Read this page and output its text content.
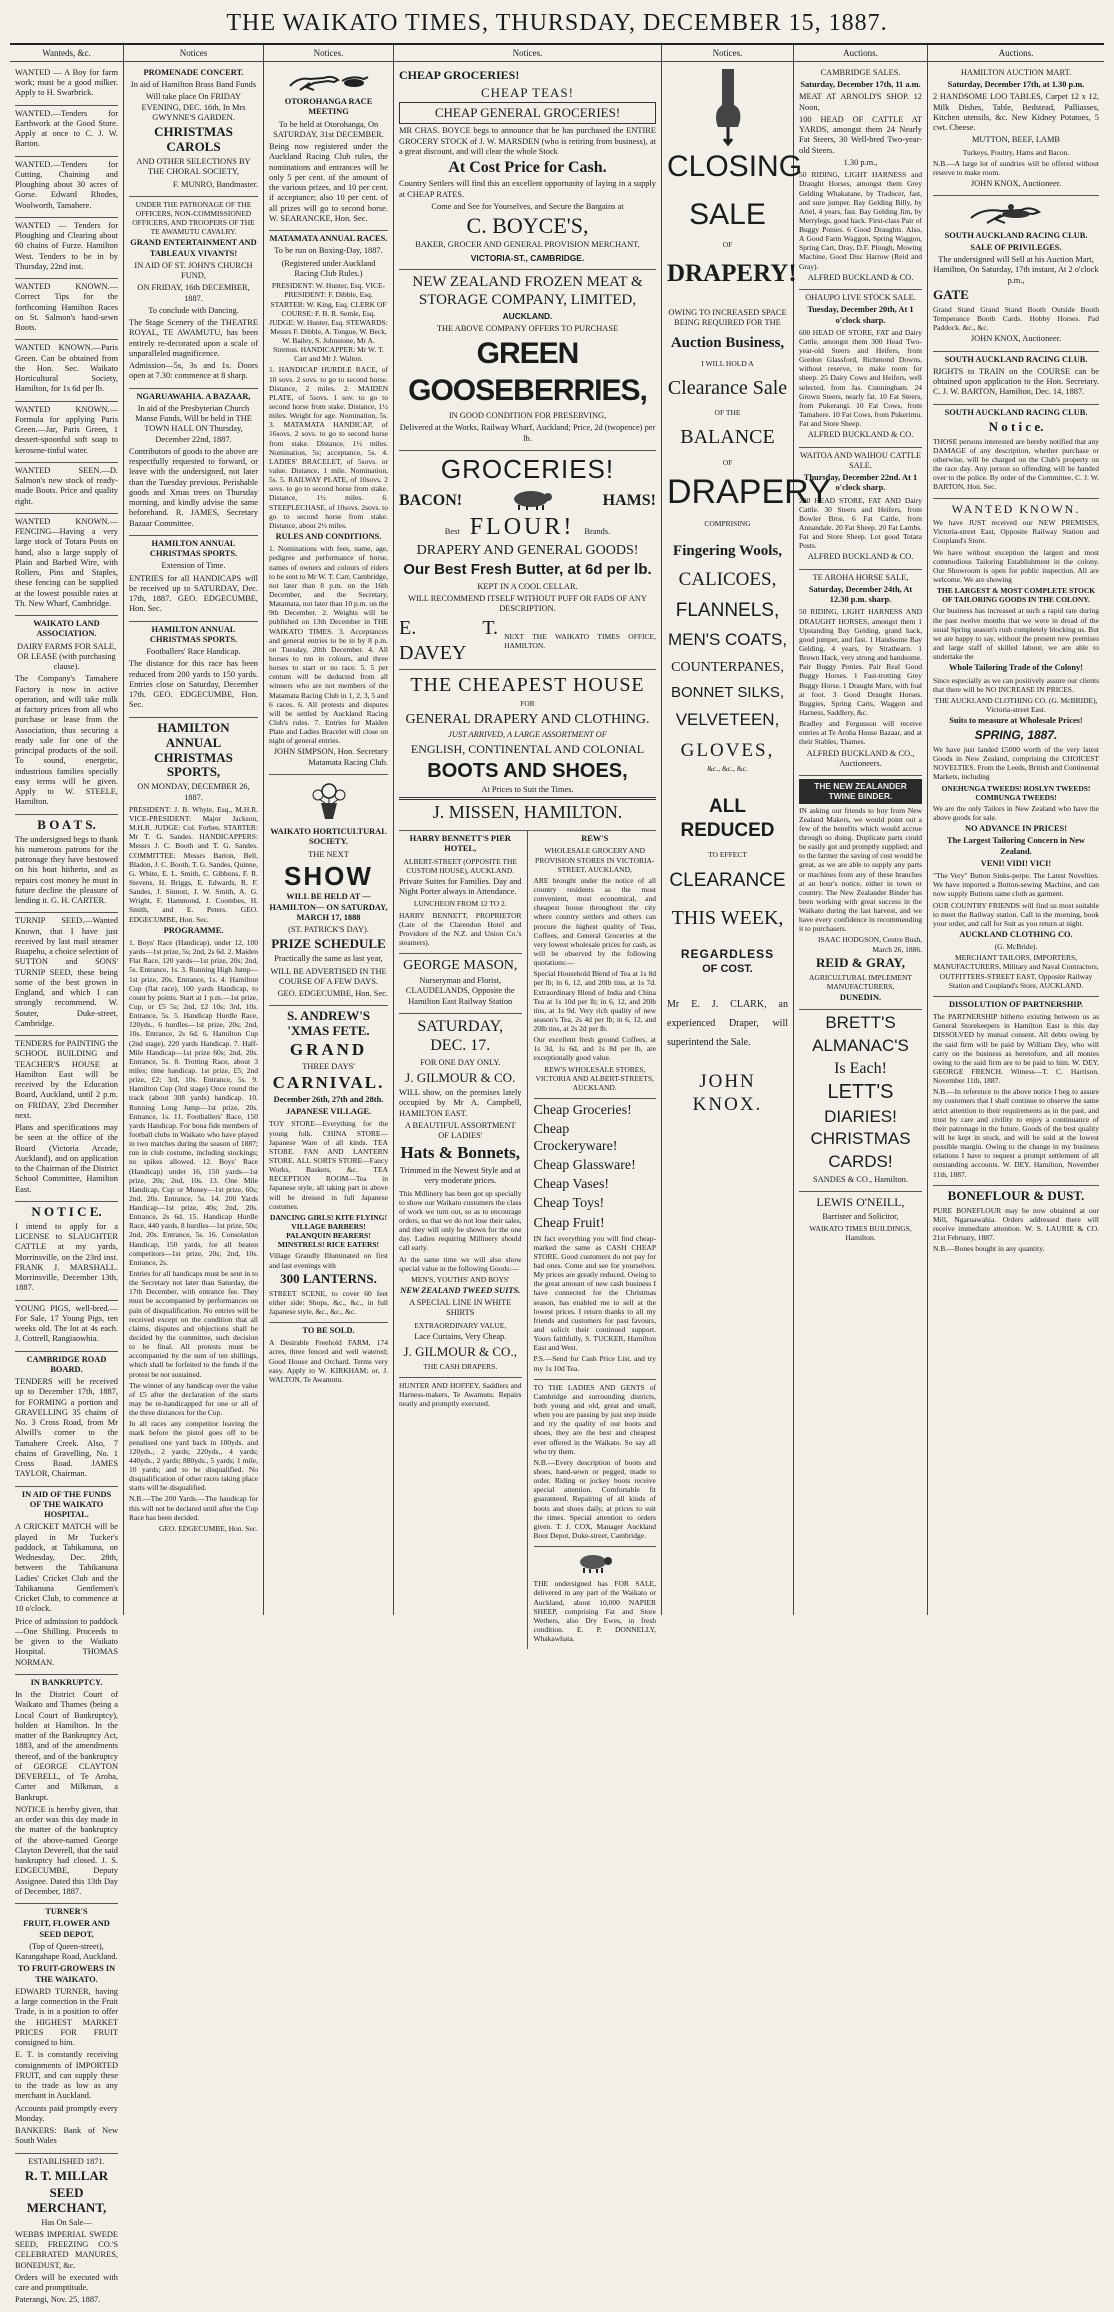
THE WAIKATO TIMES, THURSDAY, DECEMBER 15, 1887.
Wanteds, &c.

WANTED — A Boy for farm work; must be a good milker. Apply to H. Swarbrick.

WANTED.—Tenders for Earthwork at the Good Store. Apply at once to C. J. W. Barton.

WANTED.—Tenders for Cutting, Chaining and Ploughing about 30 acres of Gorse. Edward Rhodes, Woolworth, Tamahere.

WANTED — Tenders for Ploughing and Clearing about 60 chains of Furze. Hamilton West. Tenders to be in by Thursday, 22nd inst.

WANTED KNOWN.—Correct Tips for the forthcoming Hamilton Races on St. Salmon's hand-sewn Boots.

WANTED KNOWN.—Paris Green. Can be obtained from the Hon. Sec. Waikato Horticultural Society, Hamilton, for 1s 6d per lb.

WANTED KNOWN.—Formula for applying Paris Green.—Jar, Paris Green, 1 dessert-spoonful soft soap to kerosene-tinful water.

WANTED SEEN.—D. Salmon's new stock of ready-made Boots. Price and quality right.

WANTED KNOWN.—FENCING—Having a very large stock of Totara Posts on hand, also a large supply of Plain and Barbed Wire, with Rollers, Pins and Staples, these fencing can be supplied at the lowest possible rates at Th. New Wharf, Cambridge.

WAIKATO LAND ASSOCIATION.

DAIRY FARMS FOR SALE, OR LEASE (with purchasing clause).

The Company's Tamahere Factory is now in active operation, and will take milk at factory prices from all who purchase or lease from the Association, thus securing a ready sale for one of the principal products of the soil. To sound, energetic, industrious families specially easy terms will be given. Apply to W. STEELE, Hamilton.

B O A T S.

The undersigned begs to thank his numerous patrons for the patronage they have bestowed on his boat hitherto, and as repairs cost money he must in future decline the pleasure of lending it. G. H. CARTER.

TURNIP SEED.—Wanted Known, that I have just received by last mail steamer Ruapehu, a choice selection of SUTTON and SONS' TURNIP SEED, these being some of the best grown in England, and which I can strongly recommend. W. Souter, Duke-street, Cambridge.

TENDERS for PAINTING the SCHOOL BUILDING and TEACHER'S HOUSE at Hamilton East will be received by the Education Board, Auckland, until 2 p.m. on FRIDAY, 23rd December next.

Plans and specifications may be seen at the office of the Board (Victoria Arcade, Auckland), and on application to the Chairman of the District School Committee, Hamilton East.

N O T I C E.

I intend to apply for a LICENSE to SLAUGHTER CATTLE at my yards, Morrinsville, on the 23rd inst. FRANK J. MARSHALL. Morrinsville, December 13th, 1887.

YOUNG PIGS, well-bred.—For Sale, 17 Young Pigs, ten weeks old. The lot at 4s each. J. Cottrell, Rangiaowhia.

CAMBRIDGE ROAD BOARD.

TENDERS will be received up to December 17th, 1887, for FORMING a portion and GRAVELLING 35 chains of No. 3 Cross Road, from Mr Alwill's corner to the Tamahere Creek. Also, 7 chains of Gravelling, No. 1 Cross Road. JAMES TAYLOR, Chairman.

IN AID OF THE FUNDS OF THE WAIKATO HOSPITAL.

A CRICKET MATCH will be played in Mr Tucker's paddock, at Tahikanuna, on Wednesday, Dec. 28th, between the Tahikanuna Ladies' Cricket Club and the Tahikanuna Gentlemen's Cricket Club, to commence at 10 o'clock.

Price of admission to paddock—One Shilling. Proceeds to be given to the Waikato Hospital. THOMAS NORMAN.

IN BANKRUPTCY.

In the District Court of Waikato and Thames (being a Local Court of Bankruptcy), holden at Hamilton. In the matter of the Bankruptcy Act, 1883, and of the amendments thereof, and of the bankruptcy of GEORGE CLAYTON DEVERELL, of Te Aroha, Carter and Milkman, a Bankrupt.

NOTICE is hereby given, that an order was this day made in the matter of the bankruptcy of the above-named George Clayton Deverell, that the said bankruptcy had closed. J. S. EDGECUMBE, Deputy Assignee. Dated this 13th Day of December, 1887.

TURNER'S

FRUIT, FLOWER AND SEED DEPOT,

(Top of Queen-street), Karangahape Road, Auckland.

TO FRUIT-GROWERS IN THE WAIKATO.

EDWARD TURNER, having a large connection in the Fruit Trade, is in a position to offer the HIGHEST MARKET PRICES FOR FRUIT consigned to him.

E. T. is constantly receiving consignments of IMPORTED FRUIT, and can supply these to the trade as low as any merchant in Auckland.

Accounts paid promptly every Monday.

BANKERS: Bank of New South Wales

ESTABLISHED 1871.

R. T. MILLAR

SEED MERCHANT,

Has On Sale—

WEBBS IMPERIAL SWEDE SEED, FREEZING CO.'S CELEBRATED MANURES, BONEDUST, &c.

Orders will be executed with care and promptitude.

Paterangi, Nov. 25, 1887.

Notices

PROMENADE CONCERT.

In aid of Hamilton Brass Band Funds

Will take place On FRIDAY EVENING, DEC. 16th, In Mrs GWYNNE'S GARDEN.

CHRISTMAS CAROLS

AND OTHER SELECTIONS BY THE CHORAL SOCIETY,

F. MUNRO, Bandmaster.

UNDER THE PATRONAGE OF THE OFFICERS, NON-COMMISSIONED OFFICERS, AND TROOPERS OF THE TE AWAMUTU CAVALRY.

GRAND ENTERTAINMENT AND TABLEAUX VIVANTS!

IN AID OF ST. JOHN'S CHURCH FUND,

ON FRIDAY, 16th DECEMBER, 1887.

To conclude with Dancing.

The Stage Scenery of the THEATRE ROYAL, TE AWAMUTU, has been entirely re-decorated upon a scale of unparalleled magnificence.

Admission—5s, 3s and 1s. Doors open at 7.30: commence at 8 sharp.

NGARUAWAHIA. A BAZAAR,

In aid of the Presbyterian Church Manse Funds, Will be held in THE TOWN HALL ON Thursday, December 22nd, 1887.

Contributors of goods to the above are respectfully requested to forward, or leave with the undersigned, not later than the Tuesday previous. Perishable goods and Xmas trees on Thursday morning, and kindly advise the same beforehand. R. JAMES, Secretary Bazaar Committee.

HAMILTON ANNUAL CHRISTMAS SPORTS.

Extension of Time.

ENTRIES for all HANDICAPS will be received up to SATURDAY, Dec. 17th, 1887. GEO. EDGECUMBE, Hon. Sec.

HAMILTON ANNUAL CHRISTMAS SPORTS.

Footballers' Race Handicap.

The distance for this race has been reduced from 200 yards to 150 yards. Entries close on Saturday, December 17th. GEO. EDGECUMBE, Hon. Sec.

HAMILTON ANNUAL CHRISTMAS SPORTS,

ON MONDAY, DECEMBER 26, 1887.

PRESIDENT: J. B. Whyte, Esq., M.H.R. VICE-PRESIDENT: Major Jackson, M.H.R. JUDGE: Col. Forbes. STARTER: Mr T. G. Sandes. HANDICAPPERS: Messrs J. C. Booth and T. G. Sandes. COMMITTEE: Messrs Barton, Bell, Bladon, J. C. Booth, T. G. Sandes, Quinne, G. White, E. L. Smith, C. Gibbons, F. R. Stevens, H. Briggs, E. Edwards, R. F. Sandes, J. Sinnott, J. W. Smith, A. G. Wright, F. Hammond, J. Coombes, H. Smith, and E. Peters. GEO. EDGECUMBE, Hon. Sec.

PROGRAMME.

1. Boys' Race (Handicap), under 12, 100 yards—1st prize, 5s; 2nd, 2s 6d. 2. Maiden Flat Race, 120 yards—1st prize, 20s; 2nd, 5s. Entrance, 1s. 3. Running High Jump—1st prize, 20s. Entrance, 1s. 4. Hamilton Cup (flat race), 100 yards Handicap, to count by points. Start at 1 p.m.—1st prize, Cup, or £5 5s; 2nd, £2 10s; 3rd, 10s. Entrance, 5s. 5. Handicap Hurdle Race, 120yds., 6 hurdles—1st prize, 20s; 2nd, 10s. Entrance, 2s 6d. 6. Hamilton Cup (2nd stage), 220 yards Handicap. 7. Half-Mile Handicap—1st prize 60s; 2nd, 20s. Entrance, 5s. 8. Trotting Race, about 3 miles; time handicap. 1st prize, £5; 2nd prize, £2; 3rd, 10s. Entrance, 5s. 9. Hamilton Cup (3rd stage) Once round the track (about 308 yards) handicap. 10. Running Long Jump—1st prize, 20s. Entrance, 1s. 11. Footballers' Race, 150 yards Handicap. For bona fide members of football clubs in Waikato who have played in two matches during the season of 1887; run in club costume, including stockings; no spikes allowed. 12. Boys' Race (Handicap) under 16, 150 yards—1st prize, 20s; 2nd, 10s. 13. One Mile Handicap, Cup or Money—1st prize, 60s; 2nd, 20s. Entrance, 5s. 14. 200 Yards Handicap—1st prize, 40s; 2nd, 20s. Entrance, 2s 6d. 15. Handicap Hurdle Race, 440 yards, 8 hurdles—1st prize, 50s; 2nd, 20s. Entrance, 5s. 16. Consolation Handicap, 150 yards, for all beaten competitors—1st prize, 20s; 2nd, 10s. Entrance, 2s.

Entries for all handicaps must be sent in to the Secretary not later than Saturday, the 17th December, with entrance fee. They must be accompanied by performances on pain of disqualification. No entries will be received except on the condition that all claims, disputes and objections shall be decided by the committee, such decision to be final. All protests must be accompanied by the sum of ten shillings, which shall be forfeited to the funds if the protest be not sustained.

The winner of any handicap over the value of £5 after the declaration of the starts may be re-handicapped for one or all of the three distances for the Cup.

In all races any competitor leaving the mark before the pistol goes off to be penalised one yard back in 100yds. and 120yds., 2 yards; 220yds., 4 yards; 440yds., 2 yards; 880yds., 5 yards; 1 mile, 10 yards; and to be disqualified. No disqualification of other races taking place starts will be disqualified.

N.B.—The 200 Yards.—The handicap for this will not be declared until after the Cup Race has been decided.

GEO. EDGECUMBE, Hon. Sec.

Notices.

OTOROHANGA RACE MEETING

To be held at Otorohanga, On SATURDAY, 31st DECEMBER.

Being now registered under the Auckland Racing Club rules, the nominations and entrances will be only 5 per cent. of the amount of the various prizes, and 10 per cent. if acceptance; also 10 per cent. of all prizes will go to second horse. W. SEARANCKE, Hon. Sec.

MATAMATA ANNUAL RACES.

To be run on Boxing-Day, 1887.

(Registered under Auckland Racing Club Rules.)

PRESIDENT: W. Hunter, Esq. VICE-PRESIDENT: F. Dibble, Esq. STARTER: W. King, Esq. CLERK OF COURSE: F. B. R. Semle, Esq. JUDGE: W. Hunter, Esq. STEWARDS: Messrs F. Dibble, A. Tongue, W. Beck, W. Bailey, S. Johnstone, Mr A. Stretton. HANDICAPPER: Mr W. T. Carr and Mr J. Walton.

1. HANDICAP HURDLE RACE, of 10 sovs. 2 sovs. to go to second horse. Distance, 2 miles. 2. MAIDEN PLATE, of 5sovs. 1 sov. to go to second horse from stake. Distance, 1½ miles. Weight for age. Nomination, 5s. 3. MATAMATA HANDICAP, of 16sovs. 2 sovs. to go to second horse from stake. Distance, 1½ miles. Nomination, 5s; acceptance, 5s. 4. LADIES' BRACELET, of 5sovs. or value. Distance, 1 mile. Nomination, 5s. 5. RAILWAY PLATE, of 10sovs. 2 sovs. to go to second horse from stake. Distance, 1½ miles. 6. STEEPLECHASE, of 10sovs. 2sovs. to go to second horse from stake. Distance, about 2½ miles.

RULES AND CONDITIONS.

1. Nominations with fees, name, age, pedigree and performance of horse, names of owners and colours of riders to be sent to Mr W. T. Carr, Cambridge, not later than 8 p.m. on the 16th December, and the Secretary, Matamata, not later than 10 p.m. on the 9th December. 2. Weights will be published on 13th December in THE WAIKATO TIMES. 3. Acceptances and general entries to be in by 8 p.m. on Tuesday, 20th December. 4. All horses to run in colours, and three horses to start or no race. 5. 5 per centum will be deducted from all winners who are not members of the Matamata Racing Club in 1, 2, 3, 5 and 6 races. 6. All protests and disputes will be settled by Auckland Racing Club's rules. 7. Entries for Maiden Plate and Ladies Bracelet will close on night of general entries.

JOHN SIMPSON, Hon. Secretary Matamata Racing Club.

WAIKATO HORTICULTURAL SOCIETY.

THE NEXT

SHOW

WILL BE HELD AT —HAMILTON— ON SATURDAY, MARCH 17, 1888

(ST. PATRICK'S DAY).

PRIZE SCHEDULE

Practically the same as last year,

WILL BE ADVERTISED IN THE COURSE OF A FEW DAYS.

GEO. EDGECUMBE, Hon. Sec.

S. ANDREW'S 'XMAS FETE.

GRAND

THREE DAYS'

CARNIVAL.

December 26th, 27th and 28th.

JAPANESE VILLAGE.

TOY STORE—Everything for the young folk. CHINA STORE—Japanese Ware of all kinds. TEA STORE. FAN AND LANTERN STORE. ALL SORTS STORE—Fancy Works, Baskets, &c. TEA RECEPTION ROOM—Tea in Japanese style, all taking part in above will be dressed in full Japanese costumes.

DANCING GIRLS! KITE FLYING! VILLAGE BARBERS! PALANQUIN BEARERS! MINSTRELS! RICE EATERS!

Village Grandly Illuminated on first and last evenings with

300 LANTERNS.

STREET SCENE, to cover 60 feet either side: Shops, &c., &c., in full Japanese style, &c., &c., &c.

TO BE SOLD.

A Desirable Freehold FARM, 174 acres, three fenced and well watered; Good House and Orchard. Terms very easy. Apply to W. KIRKHAM; or, J. WALTON, Te Awamutu.

Notices.

CHEAP GROCERIES!

CHEAP TEAS!

CHEAP GENERAL GROCERIES!

MR CHAS. BOYCE begs to announce that he has purchased the ENTIRE GROCERY STOCK of J. W. MARSDEN (who is retiring from business), at a great discount, and will clear the whole Stock

At Cost Price for Cash.

Country Settlers will find this an excellent opportunity of laying in a supply at CHEAP RATES.

Come and See for Yourselves, and Secure the Bargains at

C. BOYCE'S,

BAKER, GROCER AND GENERAL PROVISION MERCHANT,

VICTORIA-ST., CAMBRIDGE.

NEW ZEALAND FROZEN MEAT & STORAGE COMPANY, LIMITED,

AUCKLAND.

THE ABOVE COMPANY OFFERS TO PURCHASE

GREEN GOOSEBERRIES,

IN GOOD CONDITION FOR PRESERVING,

Delivered at the Works, Railway Wharf, Auckland; Price, 2d (twopence) per lb.

GROCERIES!

BACON!	HAMS!
Best FLOUR! Brands.

DRAPERY AND GENERAL GOODS!

Our Best Fresh Butter, at 6d per lb.

KEPT IN A COOL CELLAR.

WILL RECOMMEND ITSELF WITHOUT PUFF OR FADS OF ANY DESCRIPTION.

E. T. DAVEY
NEXT THE WAIKATO TIMES OFFICE, HAMILTON.

THE CHEAPEST HOUSE

FOR

GENERAL DRAPERY AND CLOTHING.

JUST ARRIVED, A LARGE ASSORTMENT OF

ENGLISH, CONTINENTAL AND COLONIAL

BOOTS AND SHOES,

At Prices to Suit the Times.

J. MISSEN, HAMILTON.

HARRY BENNETT'S PIER HOTEL,

ALBERT-STREET (OPPOSITE THE CUSTOM HOUSE), AUCKLAND.

Private Suites for Families. Day and Night Porter always in Attendance.

LUNCHEON FROM 12 TO 2.

HARRY BENNETT, PROPRIETOR (Late of the Clarendon Hotel and Providore of the N.Z. and Union Co.'s steamers).

GEORGE MASON,

Nurseryman and Florist, CLAUDELANDS, Opposite the Hamilton East Railway Station

SATURDAY, DEC. 17.

FOR ONE DAY ONLY.

J. GILMOUR & CO.

WILL show, on the premises lately occupied by Mr A. Campbell, HAMILTON EAST.

A BEAUTIFUL ASSORTMENT OF LADIES'

Hats & Bonnets,

Trimmed in the Newest Style and at very moderate prices.

This Millinery has been got up specially to show our Waikato customers the class of work we turn out, so as to encourage orders, so that we do not lose their sales, and they will only be shown for the one day. Ladies requiring Millinery should call early.

At the same time we will also show special value in the following Goods:—

MEN'S, YOUTHS' AND BOYS'

NEW ZEALAND TWEED SUITS.

A SPECIAL LINE IN WHITE SHIRTS

EXTRAORDINARY VALUE,

Lace Curtains, Very Cheap.

J. GILMOUR & CO.,

THE CASH DRAPERS.

HUNTER AND HOFFEY, Saddlers and Harness-makers, Te Awamutu. Repairs neatly and promptly executed.

REW'S

WHOLESALE GROCERY AND PROVISION STORES IN VICTORIA-STREET, AUCKLAND,

ARE brought under the notice of all country residents as the most convenient, most economical, and cheapest house throughout the city where country settlers and others can procure the highest quality of Teas, Coffees, and General Groceries at the very lowest wholesale prices for cash, as will be observed by the following quotations:—

Special Household Blend of Tea at 1s 8d per lb; in 6, 12, and 20lb tins, at 1s 7d. Extraordinary Blend of India and China Tea at 1s 10d per lb; in 6, 12, and 20lb tins, at 1s 9d. Very rich quality of new season's Tea, 2s 4d per lb; in 6, 12, and 20lb tins, at 2s 2d per lb.

Our excellent fresh ground Coffees, at 1s 3d, 1s 6d, and 1s 8d per lb, are exceptionally good value.

REW'S WHOLESALE STORES, VICTORIA AND ALBERT-STREETS, AUCKLAND.

Cheap Groceries!

Cheap Crockeryware!

Cheap Glassware!

Cheap Vases!

Cheap Toys!

Cheap Fruit!

IN fact everything you will find cheap-marked the same as CASH CHEAP STORE. Good customers do not pay for bad ones. Come and see for yourselves. My prices are greatly reduced. Owing to the great amount of new cash business I have connected for the Christmas season, has enabled me to sell at the lowest prices. I return thanks to all my friends and customers for past favours, and solicit their continued support. Yours faithfully, S. TUCKER, Hamilton East and West.

P.S.—Send for Cash Price List, and try my 1s 10d Tea.

TO THE LADIES AND GENTS of Cambridge and surrounding districts, both young and old, great and small, when you are passing by just step inside and try the quality of our boots and shoes, they are the best and cheapest ever offered in the Waikato. So say all who try them.

N.B.—Every description of boots and shoes, hand-sewn or pegged, made to order. Riding or jockey boots receive special attention. Comfortable fit guaranteed. Repairing of all kinds of boots and shoes daily, at prices to suit the times. Special attention to orders given. T. J. COX, Manager Auckland Boot Depot, Duke-street, Cambridge.

THE undersigned has FOR SALE, delivered in any part of the Waikato or Auckland, about 10,000 NAPIER SHEEP, comprising Fat and Store Wethers, also Dry Ewes, in fresh condition. E. P. DONNELLY, Whakawhata.

Notices.

CLOSING

SALE

OF

DRAPERY!

OWING TO INCREASED SPACE BEING REQUIRED FOR THE

Auction Business,

I WILL HOLD A

Clearance Sale

OF THE

BALANCE

OF

DRAPERY

COMPRISING

Fingering Wools,

CALICOES,

FLANNELS,

MEN'S COATS,

COUNTERPANES,

BONNET SILKS,

VELVETEEN,

GLOVES,

&c., &c., &c.

ALL REDUCED

TO EFFECT

CLEARANCE

THIS WEEK,

REGARDLESS

OF COST.

Mr E. J. CLARK, an experienced Draper, will superintend the Sale.

JOHN KNOX.

Auctions.

CAMBRIDGE SALES.

Saturday, December 17th, 11 a.m.

MEAT AT ARNOLD'S SHOP. 12 Noon,

100 HEAD OF CATTLE AT YARDS, amongst them 24 Nearly Fat Steers, 30 Well-bred Two-year-old Steers.

1.30 p.m.,

50 RIDING, LIGHT HARNESS and Draught Horses, amongst them Grey Gelding Whakatane, by Traducer, fast, and sure jumper. Bay Gelding Billy, by Ariel, 4 years, fast. Bay Gelding Jim, by Merrylegs, good hack. First-class Pair of Buggy Ponies. 6 Good Draughts. Also, A Good Farm Waggon, Spring Waggon, Spring Cart, Dray, D.F. Plough, Mowing Machine, Good Disc Harrow (Reid and Gray).

ALFRED BUCKLAND & CO.

OHAUPO LIVE STOCK SALE.

Tuesday, December 20th, At 1 o'clock sharp.

600 HEAD OF STORE, FAT and Dairy Cattle, amongst them 300 Head Two-year-old Steers and Heifers, from Gordon Glassford, Richmond Downs, without reserve, to make room for sheep. 25 Dairy Cows and Heifers, well selected, from Jas. Cunningham. 24 Grown Steers, nearly fat. 10 Fat Steers, from Pukerangi. 10 Fat Cows, from Tamahere. 10 Fat Cows, from Pukerimu. Fat and Store Sheep.

ALFRED BUCKLAND & CO.

WAITOA AND WAIHOU CATTLE SALE.

Thursday, December 22nd. At 1 o'clock sharp.

200 HEAD STORE, FAT AND Dairy Cattle. 30 Steers and Heifers, from Bowler Bros. 6 Fat Cattle, from Annandale. 20 Fat Sheep. 20 Fat Lambs. Fat and Store Sheep. Lot good Totara Posts.

ALFRED BUCKLAND & CO.

TE AROHA HORSE SALE,

Saturday, December 24th, At 12.30 p.m. sharp.

50 RIDING, LIGHT HARNESS AND DRAUGHT HORSES, amongst them 1 Upstanding Bay Gelding, grand hack, good jumper, and fast. 1 Handsome Bay Gelding, 4 years, by Strathearn. 1 Brown Hack, very strong and handsome. Pair Buggy Ponies. Pair Real Good Buggy Horses. 1 Fast-trotting Grey Buggy Horse. 1 Draught Mare, with foal at foot. 3 Good Draught Horses. Buggies, Spring Carts, Waggon and Harness, Saddlery, &c.

Bradley and Fergusson will receive entries at Te Aroha House Bazaar, and at their Stables, Thames.

ALFRED BUCKLAND & CO., Auctioneers.

THE NEW ZEALANDER TWINE BINDER.

IN asking our friends to buy from New Zealand Makers, we would point out a few of the benefits which would accrue through so doing. Duplicate parts could be easily got and promptly supplied; and to the farmer the saving of cost would be great, as we are able to supply any parts or machines from any of these branches at an hour's notice, either in town or country. The New Zealander Binder has been working with great success in the Waikato during the last harvest, and we have every confidence in recommending it to purchasers.

ISAAC HODGSON, Centre Bush, March 26, 1886.

REID & GRAY,

AGRICULTURAL IMPLEMENT MANUFACTURERS,

DUNEDIN.

BRETT'S

ALMANAC'S

Is Each!

LETT'S

DIARIES!

CHRISTMAS

CARDS!

SANDES & CO., Hamilton.

LEWIS O'NEILL,

Barrister and Solicitor,

WAIKATO TIMES BUILDINGS, Hamilton.

Auctions.

HAMILTON AUCTION MART.

Saturday, December 17th, at 1.30 p.m.

2 HANDSOME LOO TABLES, Carpet 12 x 12, Milk Dishes, Table, Bedstead, Palliasses, Kitchen utensils, &c. New Kidney Potatoes, 5 cwt. Cheese.

MUTTON, BEEF, LAMB

Turkeys, Poultry, Hams and Bacon.

N.B.—A large lot of sundries will be offered without reserve to make room.

JOHN KNOX, Auctioneer.

SOUTH AUCKLAND RACING CLUB.

SALE OF PRIVILEGES.

The undersigned will Sell at his Auction Mart, Hamilton, On Saturday, 17th instant, At 2 o'clock p.m.,

GATE

Grand Stand Grand Stand Booth Outside Booth Temperance Booth Cards. Hobby Horses. Pad Paddock. &c., &c.

JOHN KNOX, Auctioneer.

SOUTH AUCKLAND RACING CLUB.

RIGHTS to TRAIN on the COURSE can be obtained upon application to the Hon. Secretary. C. J. W. BARTON, Hamilton, Dec. 14, 1887.

SOUTH AUCKLAND RACING CLUB.

N o t i c e.

THOSE persons interested are hereby notified that any DAMAGE of any description, whether purchase or otherwise, will be charged on the Club's property on the race day. Any person so offending will be handed over to the police. By order of the Committee, C. J. W. BARTON, Hon. Sec.

WANTED KNOWN.

We have JUST received our NEW PREMISES, Victoria-street East, Opposite Railway Station and Coupland's Store.

We have without exception the largest and most commodious Tailoring Establishment in the colony. Our Showroom is open for public inspection. All are welcome. We are showing

THE LARGEST & MOST COMPLETE STOCK OF TAILORING GOODS IN THE COLONY.

Our business has increased at such a rapid rate during the past twelve months that we were in dread of the usual Spring season's rush completely blocking us. But we are happy to say, without the present new premises and large staff of skilled labour, we are able to undertake the

Whole Tailoring Trade of the Colony!

Since especially as we can positively assure our clients that there will be NO INCREASE IN PRICES.

THE AUCKLAND CLOTHING CO. (G. McBRIDE), Victoria-street East.

Suits to measure at Wholesale Prices!

SPRING, 1887.

We have just landed £5000 worth of the very latest Goods in New Zealand, comprising the CHOICEST NOVELTIES. From the Leeds, British and Continental Markets, including

ONEHUNGA TWEEDS! ROSLYN TWEEDS! COMBUNGA TWEEDS!

We are the only Tailors in New Zealand who have the above goods for sale.

NO ADVANCE IN PRICES!

The Largest Tailoring Concern in New Zealand.

VENI! VIDI! VICI!

"The Very" Button Sinks-perpe. The Latest Novelties. We have imported a Button-sewing Machine, and can now supply Buttons same cloth as garment.

OUR COUNTRY FRIENDS will find us most suitable to meet the Railway station. Call in the morning, book your order, and call for Suit as you return at night.

AUCKLAND CLOTHING CO.

(G. McBride).

MERCHANT TAILORS, IMPORTERS, MANUFACTURERS, Military and Naval Contractors, OUTFITTERS-STREET EAST, Opposite Railway Station and Coupland's Store, AUCKLAND.

DISSOLUTION OF PARTNERSHIP.

The PARTNERSHIP hitherto existing between us as General Storekeepers in Hamilton East is this day DISSOLVED by mutual consent. All debts owing by the said firm will be paid by William Dey, who will carry on the business as heretofore, and all monies owing to the said firm are to be paid to him. W. DEY. GEORGE FRENCH. Witness—T. C. Harrison. November 11th, 1887.

N.B.—In reference to the above notice I beg to assure my customers that I shall continue to observe the same strict attention to their requirements as in the past, and trust by care and civility to enjoy a continuance of their patronage in the future. Goods of the best quality will be kept in stock, and will be sold at the lowest possible margin. Owing to the change in my business relations I have to request a prompt settlement of all outstanding accounts. W. DEY. Hamilton, November 11th, 1887.

BONEFLOUR & DUST.

PURE BONEFLOUR may be now obtained at our Mill, Ngaruawahia. Orders addressed there will receive immediate attention. W. S. LAURIE & CO. 21st February, 1887.

N.B.—Bones bought in any quantity.
